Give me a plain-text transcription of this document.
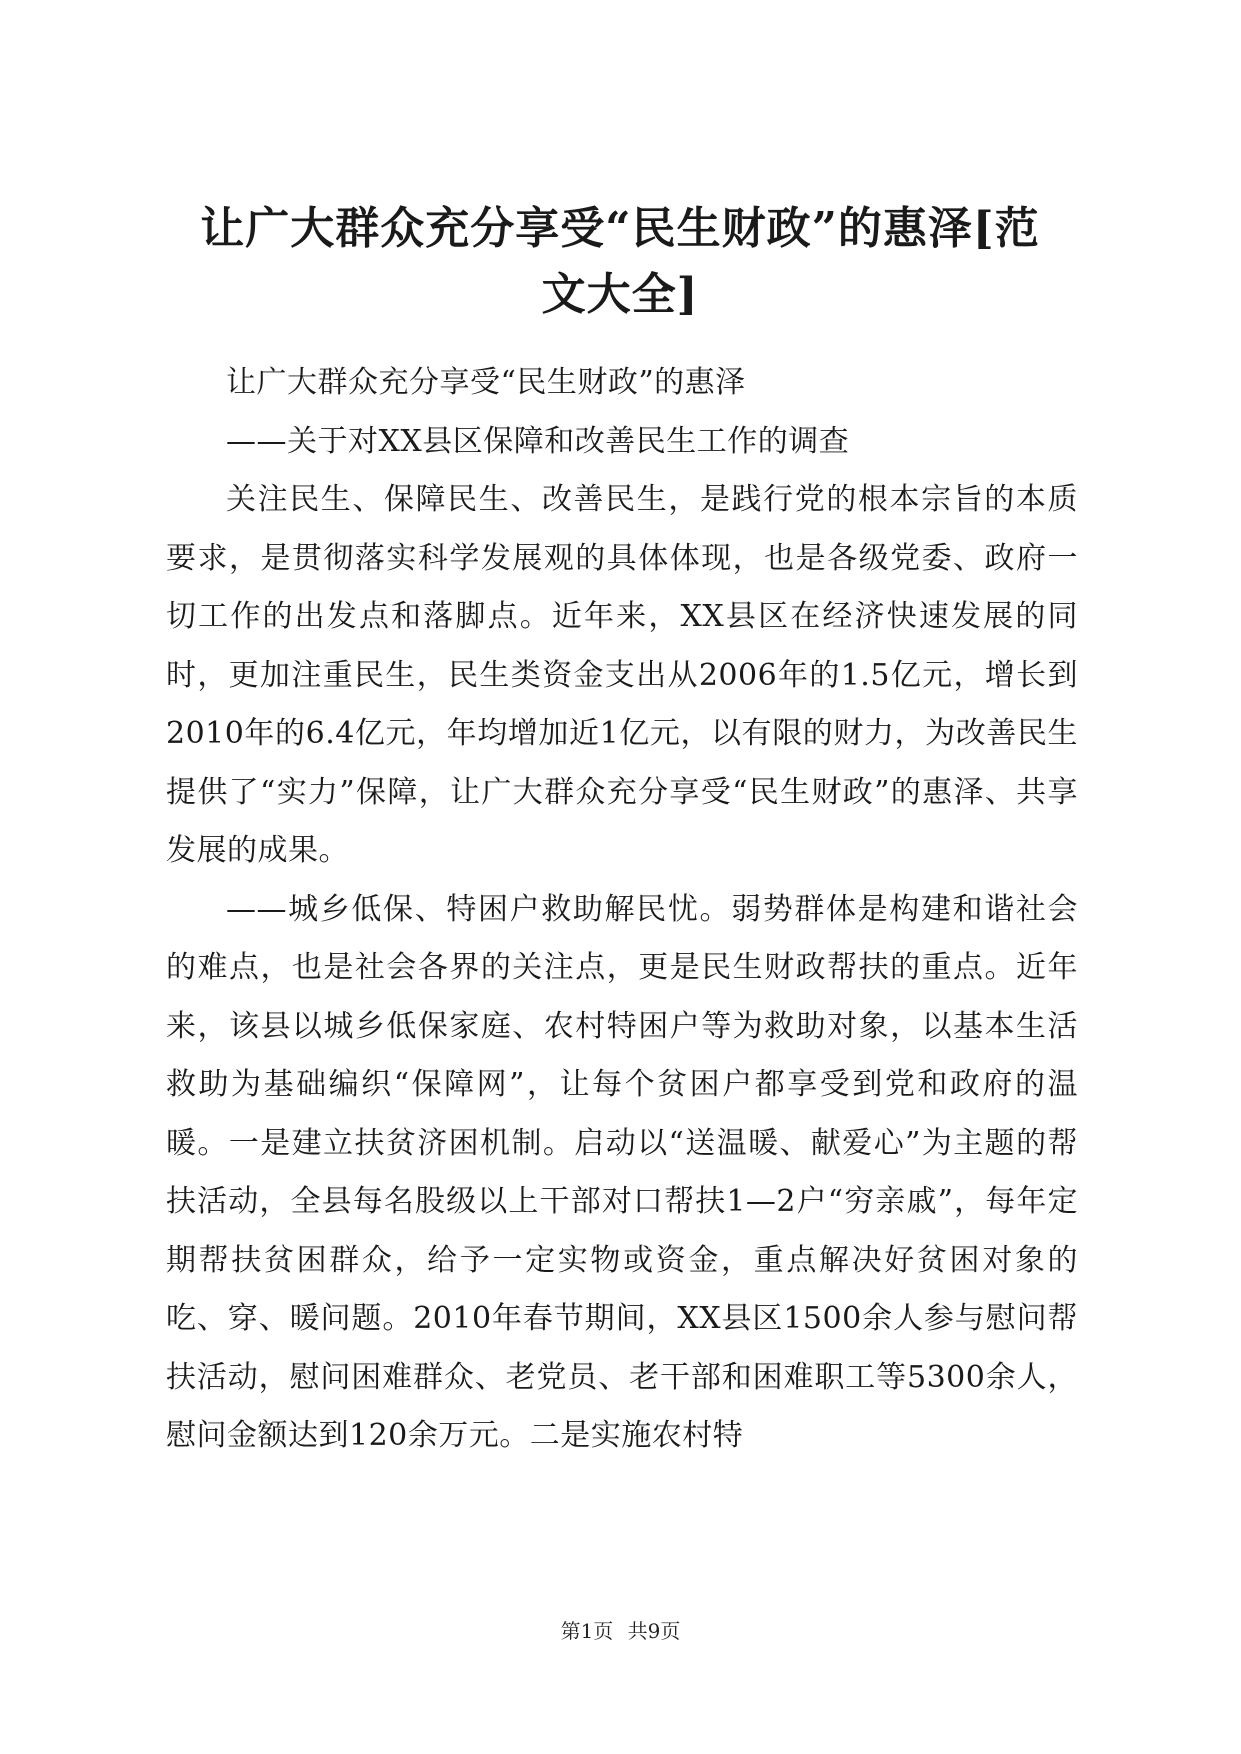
让广大群众充分享受“民生财政”的惠泽[范
文大全]

让广大群众充分享受“民生财政”的惠泽

——关于对XX县区保障和改善民生工作的调查

关注民生、保障民生、改善民生，是践行党的根本宗旨的本质要求，是贯彻落实科学发展观的具体体现，也是各级党委、政府一切工作的出发点和落脚点。近年来，XX县区在经济快速发展的同时，更加注重民生，民生类资金支出从2006年的1.5亿元，增长到2010年的6.4亿元，年均增加近1亿元，以有限的财力，为改善民生提供了“实力”保障，让广大群众充分享受“民生财政”的惠泽、共享发展的成果。

——城乡低保、特困户救助解民忧。弱势群体是构建和谐社会的难点，也是社会各界的关注点，更是民生财政帮扶的重点。近年来，该县以城乡低保家庭、农村特困户等为救助对象，以基本生活救助为基础编织“保障网”，让每个贫困户都享受到党和政府的温暖。一是建立扶贫济困机制。启动以“送温暖、献爱心”为主题的帮扶活动，全县每名股级以上干部对口帮扶1—2户“穷亲戚”，每年定期帮扶贫困群众，给予一定实物或资金，重点解决好贫困对象的吃、穿、暖问题。2010年春节期间，XX县区1500余人参与慰问帮扶活动，慰问困难群众、老党员、老干部和困难职工等5300余人，慰问金额达到120余万元。二是实施农村特

第1页 共9页
